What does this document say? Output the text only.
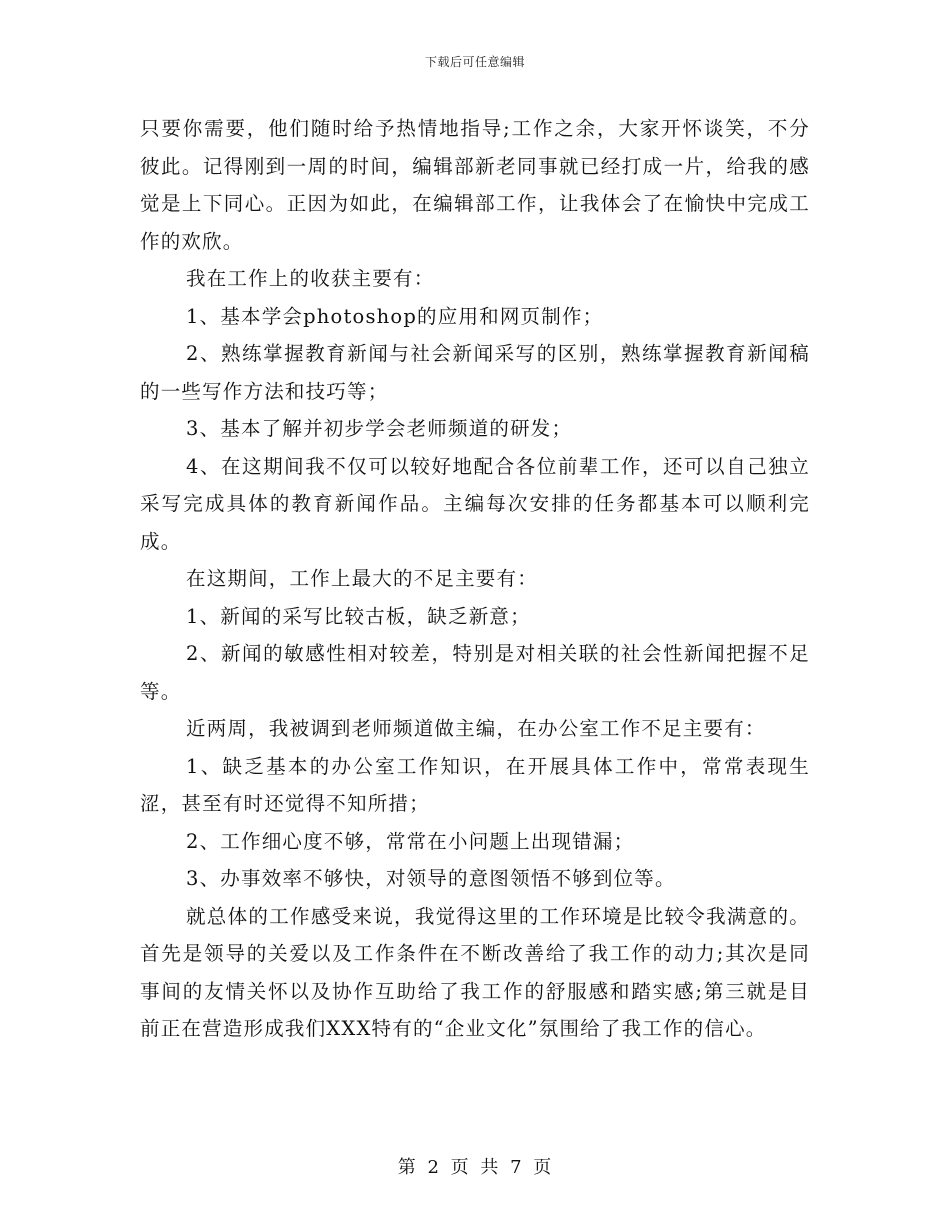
下载后可任意编辑

只要你需要，他们随时给予热情地指导;工作之余，大家开怀谈笑，不分彼此。记得刚到一周的时间，编辑部新老同事就已经打成一片，给我的感觉是上下同心。正因为如此，在编辑部工作，让我体会了在愉快中完成工作的欢欣。

我在工作上的收获主要有：

1、基本学会photoshop的应用和网页制作；

2、熟练掌握教育新闻与社会新闻采写的区别，熟练掌握教育新闻稿的一些写作方法和技巧等；

3、基本了解并初步学会老师频道的研发；

4、在这期间我不仅可以较好地配合各位前辈工作，还可以自己独立采写完成具体的教育新闻作品。主编每次安排的任务都基本可以顺利完成。

在这期间，工作上最大的不足主要有：

1、新闻的采写比较古板，缺乏新意；

2、新闻的敏感性相对较差，特别是对相关联的社会性新闻把握不足等。

近两周，我被调到老师频道做主编，在办公室工作不足主要有：

1、缺乏基本的办公室工作知识，在开展具体工作中，常常表现生涩，甚至有时还觉得不知所措；

2、工作细心度不够，常常在小问题上出现错漏；

3、办事效率不够快，对领导的意图领悟不够到位等。

就总体的工作感受来说，我觉得这里的工作环境是比较令我满意的。首先是领导的关爱以及工作条件在不断改善给了我工作的动力;其次是同事间的友情关怀以及协作互助给了我工作的舒服感和踏实感;第三就是目前正在营造形成我们XXX特有的“企业文化”氛围给了我工作的信心。

第 2 页 共 7 页
